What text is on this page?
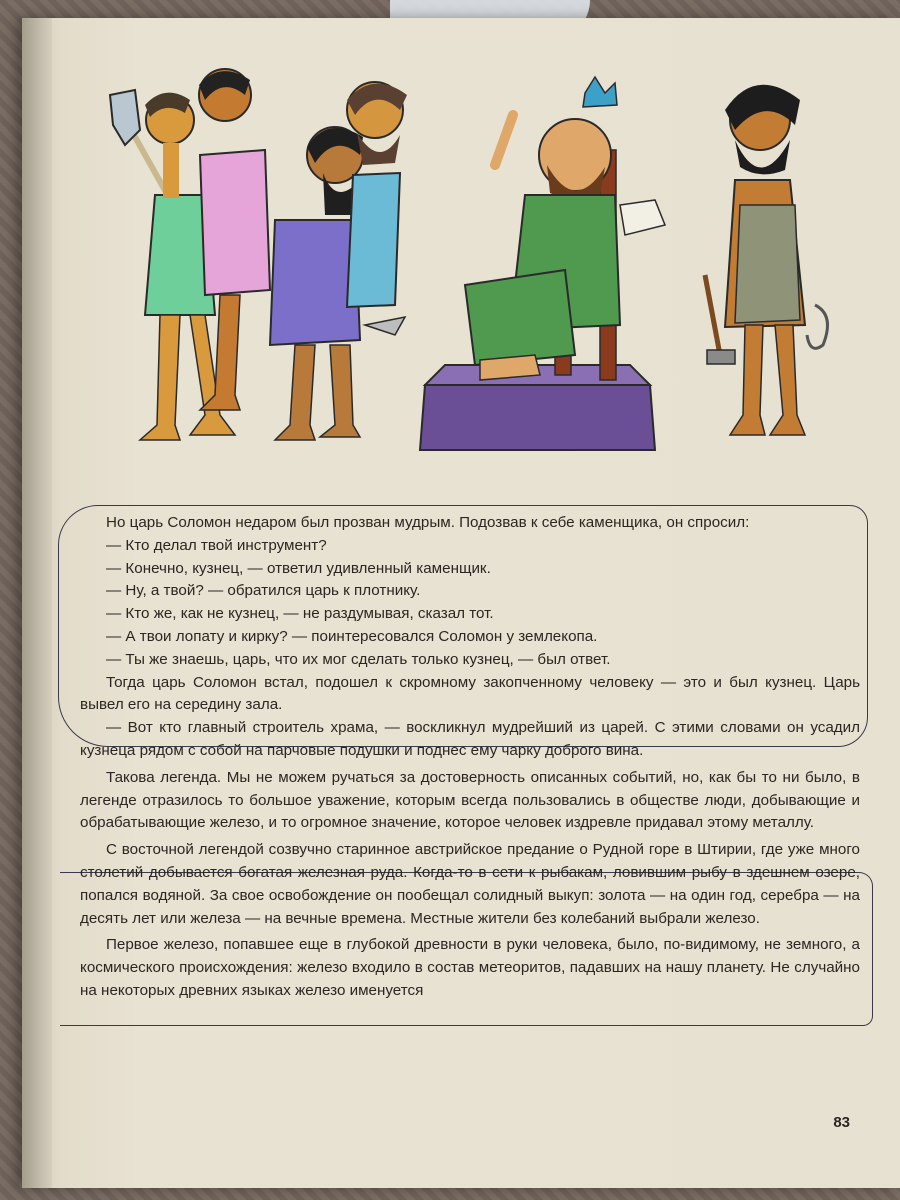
Но царь Соломон недаром был прозван мудрым. Подозвав к себе каменщика, он спросил:

— Кто делал твой инструмент?

— Конечно, кузнец, — ответил удивленный каменщик.

— Ну, а твой? — обратился царь к плотнику.

— Кто же, как не кузнец, — не раздумывая, сказал тот.

— А твои лопату и кирку? — поинтересовался Соломон у землекопа.

— Ты же знаешь, царь, что их мог сделать только кузнец, — был ответ.

Тогда царь Соломон встал, подошел к скромному закопченному человеку — это и был кузнец. Царь вывел его на середину зала.

— Вот кто главный строитель храма, — воскликнул мудрейший из царей. С этими словами он усадил кузнеца рядом с собой на парчовые подушки и поднес ему чарку доброго вина.

Такова легенда. Мы не можем ручаться за достоверность описанных событий, но, как бы то ни было, в легенде отразилось то большое уважение, которым всегда пользовались в обществе люди, добывающие и обрабатывающие железо, и то огромное значение, которое человек издревле придавал этому металлу.

С восточной легендой созвучно старинное австрийское предание о Рудной горе в Штирии, где уже много столетий добывается богатая железная руда. Когда-то в сети к рыбакам, ловившим рыбу в здешнем озере, попался водяной. За свое освобождение он пообещал солидный выкуп: золота — на один год, серебра — на десять лет или железа — на вечные времена. Местные жители без колебаний выбрали железо.

Первое железо, попавшее еще в глубокой древности в руки человека, было, по-видимому, не земного, а космического происхождения: железо входило в состав метеоритов, падавших на нашу планету. Не случайно на некоторых древних языках железо именуется

83
